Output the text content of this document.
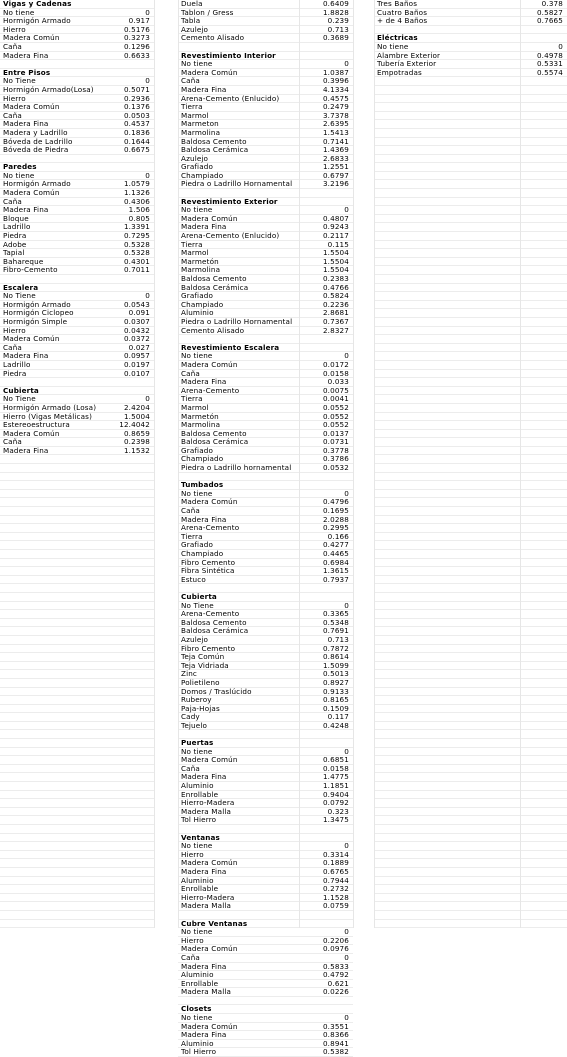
Vigas y Cadenas
No tiene	0
Hormigón Armado	0.917
Hierro	0.5176
Madera Común	0.3273
Caña	0.1296
Madera Fina	0.6633
Entre Pisos
No Tiene	0
Hormigón Armado(Losa)	0.5071
Hierro	0.2936
Madera Común	0.1376
Caña	0.0503
Madera Fina	0.4537
Madera y Ladrillo	0.1836
Bóveda de Ladrillo	0.1644
Bóveda de Piedra	0.6675
Paredes
No tiene	0
Hormigón Armado	1.0579
Madera Común	1.1326
Caña	0.4306
Madera Fina	1.506
Bloque	0.805
Ladrillo	1.3391
Piedra	0.7295
Adobe	0.5328
Tapial	0.5328
Bahareque	0.4301
Fibro-Cemento	0.7011
Escalera
No Tiene	0
Hormigón Armado	0.0543
Hormigón Ciclopeo	0.091
Hormigón Simple	0.0307
Hierro	0.0432
Madera Común	0.0372
Caña	0.027
Madera Fina	0.0957
Ladrillo	0.0197
Piedra	0.0107
Cubierta
No Tiene	0
Hormigón Armado (Losa)	2.4204
Hierro (Vigas Metálicas)	1.5004
Estereoestructura	12.4042
Madera Común	0.8659
Caña	0.2398
Madera Fina	1.1532
Duela	0.6409
Tablon / Gress	1.8828
Tabla	0.239
Azulejo	0.713
Cemento Alisado	0.3689
Revestimiento Interior
No tiene	0
Madera Común	1.0387
Caña	0.3996
Madera Fina	4.1334
Arena-Cemento (Enlucido)	0.4575
Tierra	0.2479
Marmol	3.7378
Marmeton	2.6395
Marmolina	1.5413
Baldosa Cemento	0.7141
Baldosa Cerámica	1.4369
Azulejo	2.6833
Grafiado	1.2551
Champiado	0.6797
Piedra o Ladrillo Hornamental	3.2196
Revestimiento Exterior
No tiene	0
Madera Común	0.4807
Madera Fina	0.9243
Arena-Cemento (Enlucido)	0.2117
Tierra	0.115
Marmol	1.5504
Marmetón	1.5504
Marmolina	1.5504
Baldosa Cemento	0.2383
Baldosa Cerámica	0.4766
Grafiado	0.5824
Champiado	0.2236
Aluminio	2.8681
Piedra o Ladrillo Hornamental	0.7367
Cemento Alisado	2.8327
Revestimiento Escalera
No tiene	0
Madera Común	0.0172
Caña	0.0158
Madera Fina	0.033
Arena-Cemento	0.0075
Tierra	0.0041
Marmol	0.0552
Marmetón	0.0552
Marmolina	0.0552
Baldosa Cemento	0.0137
Baldosa Cerámica	0.0731
Grafiado	0.3778
Champiado	0.3786
Piedra o Ladrillo hornamental	0.0532
Tumbados
No tiene	0
Madera Común	0.4796
Caña	0.1695
Madera Fina	2.0288
Arena-Cemento	0.2995
Tierra	0.166
Grafiado	0.4277
Champiado	0.4465
Fibro Cemento	0.6984
Fibra Sintética	1.3615
Estuco	0.7937
Cubierta
No Tiene	0
Arena-Cemento	0.3365
Baldosa Cemento	0.5348
Baldosa Cerámica	0.7691
Azulejo	0.713
Fibro Cemento	0.7872
Teja Común	0.8614
Teja Vidriada	1.5099
Zinc	0.5013
Polietileno	0.8927
Domos / Traslúcido	0.9133
Ruberoy	0.8165
Paja-Hojas	0.1509
Cady	0.117
Tejuelo	0.4248
Puertas
No tiene	0
Madera Común	0.6851
Caña	0.0158
Madera Fina	1.4775
Aluminio	1.1851
Enrollable	0.9404
Hierro-Madera	0.0792
Madera Malla	0.323
Tol Hierro	1.3475
Ventanas
No tiene	0
Hierro	0.3314
Madera Común	0.1889
Madera Fina	0.6765
Aluminio	0.7944
Enrollable	0.2732
Hierro-Madera	1.1528
Madera Malla	0.0759
Cubre Ventanas
No tiene	0
Hierro	0.2206
Madera Común	0.0976
Caña	0
Madera Fina	0.5833
Aluminio	0.4792
Enrollable	0.621
Madera Malla	0.0226
Closets
No tiene	0
Madera Común	0.3551
Madera Fina	0.8366
Aluminio	0.8941
Tol Hierro	0.5382
Tres Baños	0.378
Cuatro Baños	0.5827
+ de 4 Baños	0.7665
Eléctricas
No tiene	0
Alambre Exterior	0.4978
Tubería Exterior	0.5331
Empotradas	0.5574
